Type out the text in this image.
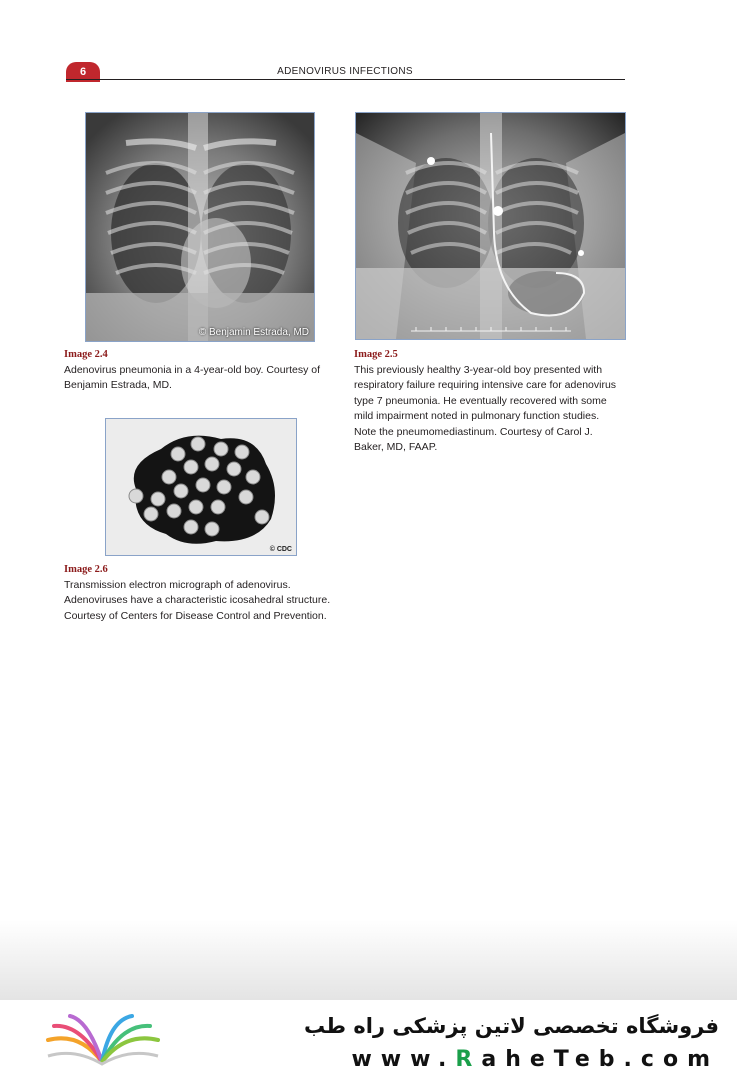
6	ADENOVIRUS INFECTIONS
© Benjamin Estrada, MD
Image 2.4
Adenovirus pneumonia in a 4-year-old boy. Courtesy of Benjamin Estrada, MD.
Image 2.5
This previously healthy 3-year-old boy presented with respiratory failure requiring intensive care for adenovirus type 7 pneumonia. He eventually recovered with some mild impairment noted in pulmonary function studies. Note the pneumomediastinum. Courtesy of Carol J. Baker, MD, FAAP.
© CDC
Image 2.6
Transmission electron micrograph of adenovirus. Adenoviruses have a characteristic icosahedral structure. Courtesy of Centers for Disease Control and Prevention.
فروشگاه تخصصی لاتین پزشکی راه طب
www.RaheTeb.com
